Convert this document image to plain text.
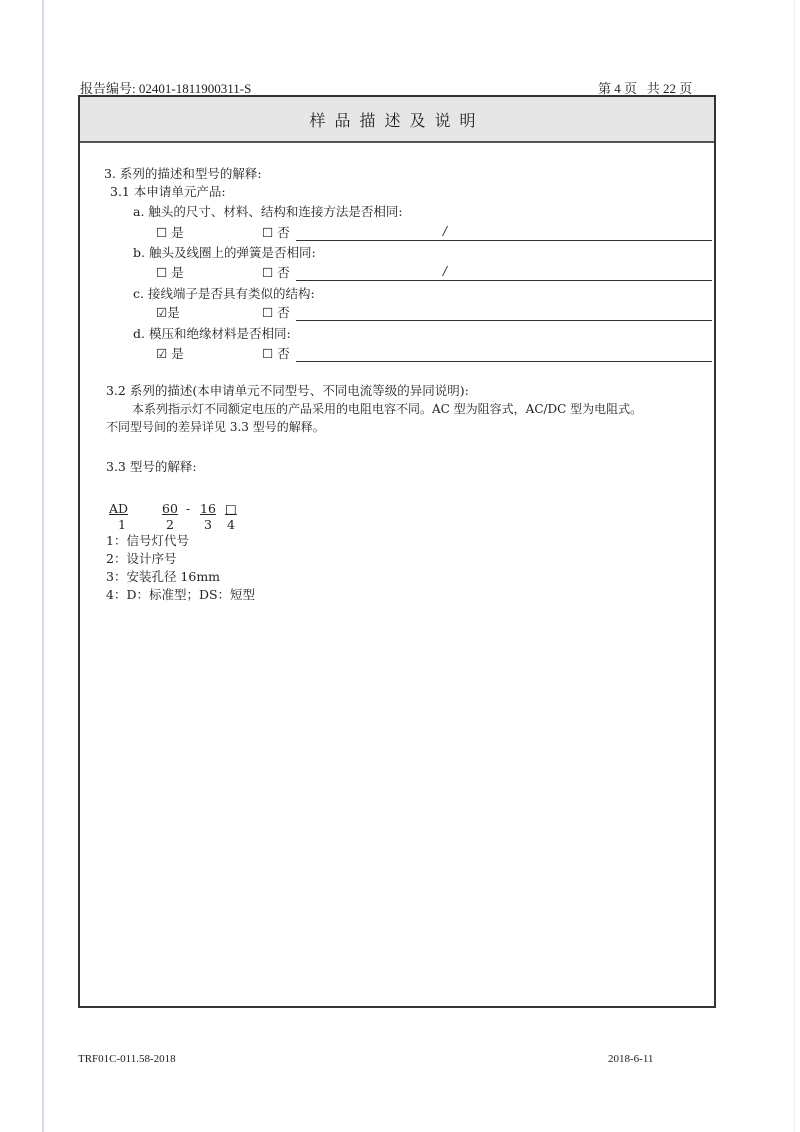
报告编号: 02401-1811900311-S	第 4 页   共 22 页
样品描述及说明
3. 系列的描述和型号的解释:
3.1 本申请单元产品:
a. 触头的尺寸、材料、结构和连接方法是否相同:
☐ 是	☐ 否	/
b. 触头及线圈上的弹簧是否相同:
☐ 是	☐ 否	/
c. 接线端子是否具有类似的结构:
☑是	☐ 否
d. 模压和绝缘材料是否相同:
☑ 是	☐ 否
3.2 系列的描述(本申请单元不同型号、不同电流等级的异同说明):
本系列指示灯不同额定电压的产品采用的电阻电容不同。AC 型为阻容式，AC/DC 型为电阻式。
不同型号间的差异详见 3.3 型号的解释。
3.3 型号的解释:
AD	60 - 16 □
1	2 3 4
1：信号灯代号
2：设计序号
3：安装孔径 16mm
4：D：标准型；DS：短型
TRF01C-011.58-2018	2018-6-11
